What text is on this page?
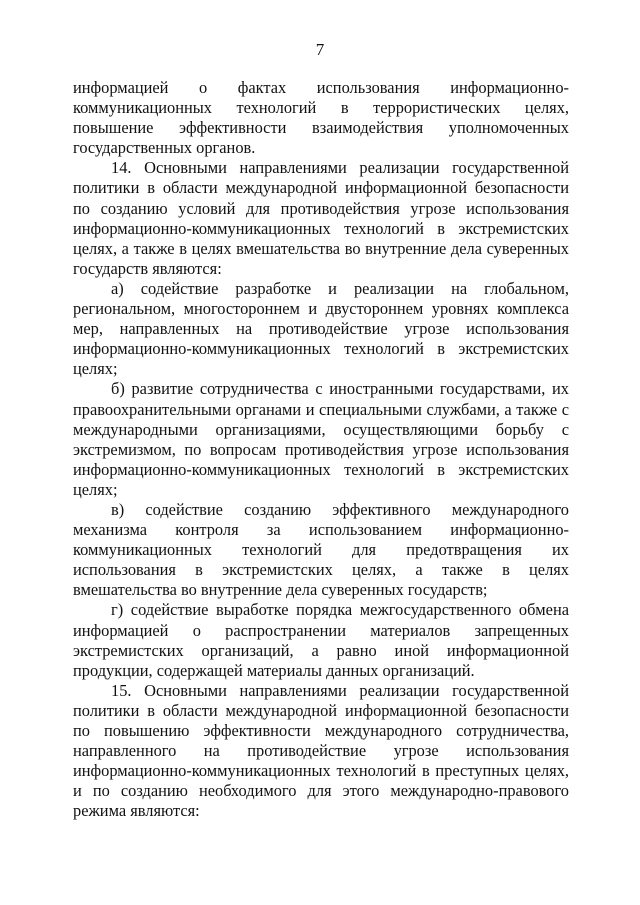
7

информацией о фактах использования информационно-коммуникационных технологий в террористических целях, повышение эффективности взаимодействия уполномоченных государственных органов.

14. Основными направлениями реализации государственной политики в области международной информационной безопасности по созданию условий для противодействия угрозе использования информационно-коммуникационных технологий в экстремистских целях, а также в целях вмешательства во внутренние дела суверенных государств являются:

а) содействие разработке и реализации на глобальном, региональном, многостороннем и двустороннем уровнях комплекса мер, направленных на противодействие угрозе использования информационно-коммуникационных технологий в экстремистских целях;

б) развитие сотрудничества с иностранными государствами, их правоохранительными органами и специальными службами, а также с международными организациями, осуществляющими борьбу с экстремизмом, по вопросам противодействия угрозе использования информационно-коммуникационных технологий в экстремистских целях;

в) содействие созданию эффективного международного механизма контроля за использованием информационно-коммуникационных технологий для предотвращения их использования в экстремистских целях, а также в целях вмешательства во внутренние дела суверенных государств;

г) содействие выработке порядка межгосударственного обмена информацией о распространении материалов запрещенных экстремистских организаций, а равно иной информационной продукции, содержащей материалы данных организаций.

15. Основными направлениями реализации государственной политики в области международной информационной безопасности по повышению эффективности международного сотрудничества, направленного на противодействие угрозе использования информационно-коммуникационных технологий в преступных целях, и по созданию необходимого для этого международно-правового режима являются:
